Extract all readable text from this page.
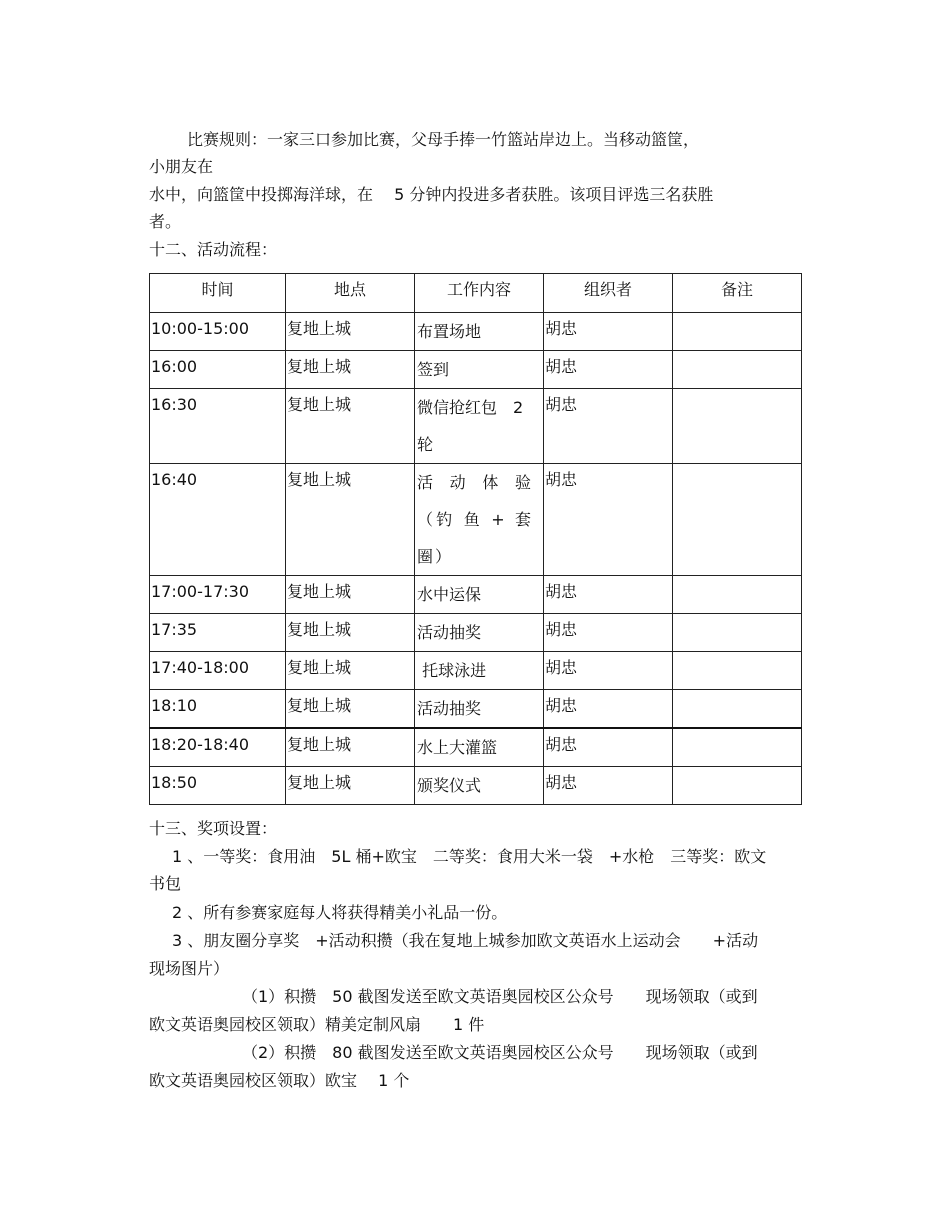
比赛规则：一家三口参加比赛，父母手捧一竹篮站岸边上。当移动篮筐，
小朋友在
水中，向篮筐中投掷海洋球，在　 5 分钟内投进多者获胜。该项目评选三名获胜
者。
十二、活动流程：
时间	地点	工作内容	组织者	备注
10:00-15:00	复地上城	布置场地	胡忠	
16:00	复地上城	签到	胡忠	
16:30	复地上城	微信抢红包　2 轮	胡忠	
16:40	复地上城	活 动 体 验（钓 鱼 + 套 圈）	胡忠	
17:00-17:30	复地上城	水中运保	胡忠	
17:35	复地上城	活动抽奖	胡忠	
17:40-18:00	复地上城	托球泳进	胡忠	
18:10	复地上城	活动抽奖	胡忠	
18:20-18:40	复地上城	水上大灌篮	胡忠	
18:50	复地上城	颁奖仪式	胡忠	
十三、奖项设置：
1 、一等奖：食用油　5L 桶+欧宝　二等奖：食用大米一袋　+水枪　三等奖：欧文
书包
2 、所有参赛家庭每人将获得精美小礼品一份。
3 、朋友圈分享奖　+活动积攒（我在复地上城参加欧文英语水上运动会　　+活动
现场图片）
（1）积攒　50 截图发送至欧文英语奥园校区公众号　　现场领取（或到
欧文英语奥园校区领取）精美定制风扇　　1 件
（2）积攒　80 截图发送至欧文英语奥园校区公众号　　现场领取（或到
欧文英语奥园校区领取）欧宝　 1 个
